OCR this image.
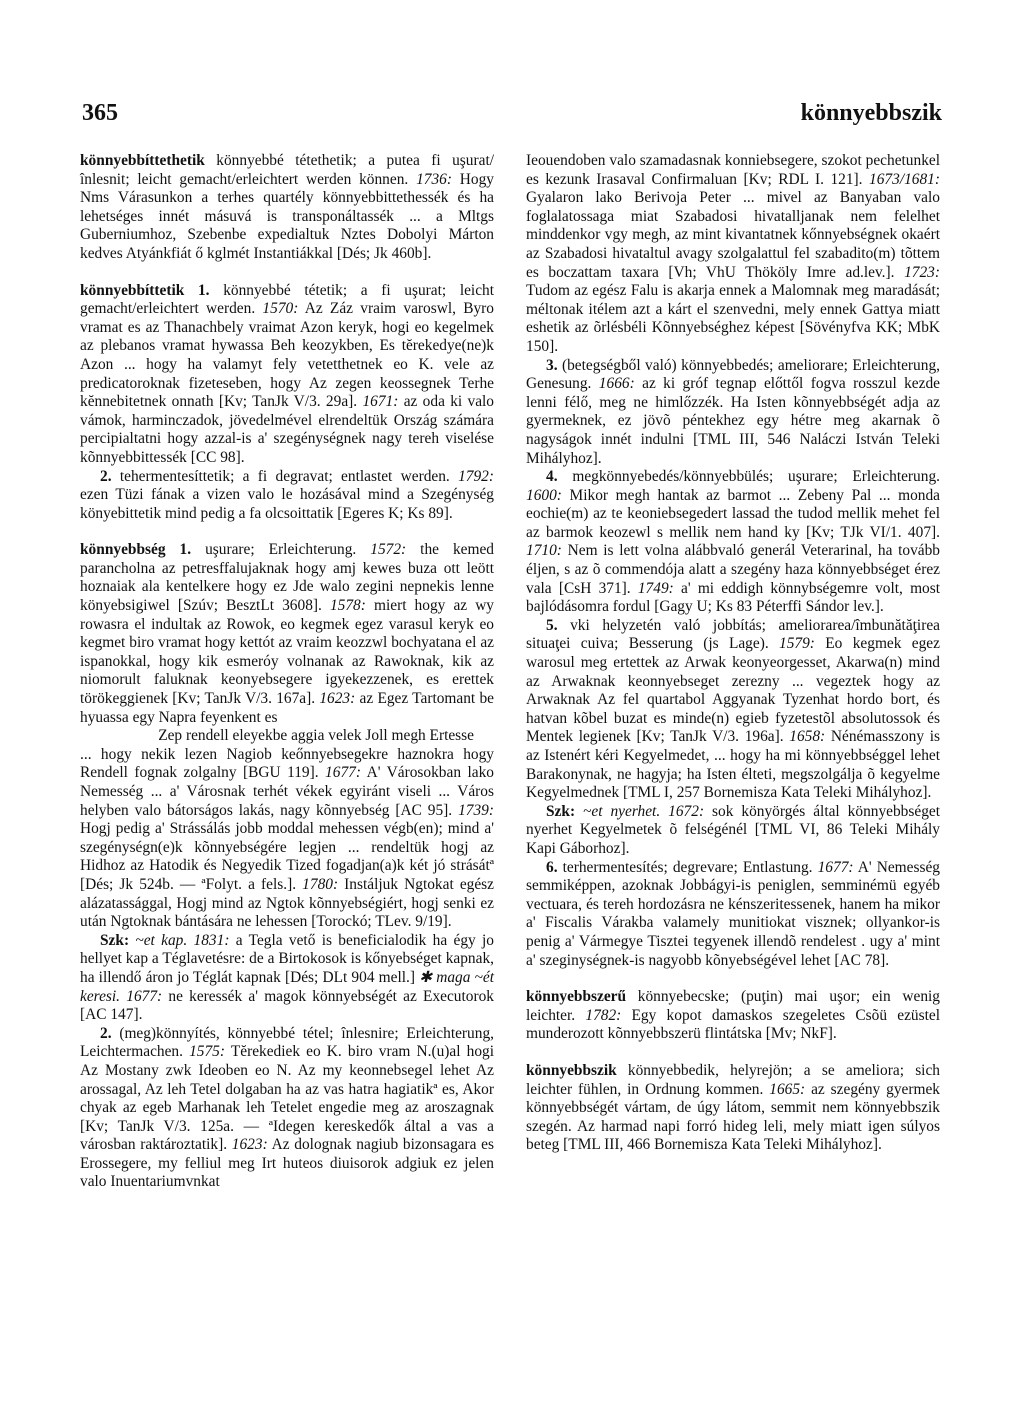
365	könnyebbszik

könnyebbíttethetik könnyebbé tétethetik; a putea fi uşurat/înlesnit; leicht gemacht/erleichtert werden können. 1736: Hogy Nms Várasunkon a terhes quartély könnyebbittethessék és ha lehetséges innét másuvá is transponáltassék ... a Mltgs Guberniumhoz, Szebenbe expedialtuk Nztes Dobolyi Márton kedves Atyánkfiát ő kglmét Instantiákkal [Dés; Jk 460b].

könnyebbíttetik 1. könnyebbé tétetik; a fi uşurat; leicht gemacht/erleichtert werden. 1570: Az Záz vraim varoswl, Byro vramat es az Thanachbely vraimat Azon keryk, hogi eo kegelmek az plebanos vramat hywassa Beh keozykben, Es tĕrekedye(ne)k Azon ... hogy ha valamyt fely vetetthetnek eo K. vele az predicatoroknak fizeteseben, hogy Az zegen keossegnek Terhe kĕnnebitetnek onnath [Kv; TanJk V/3. 29a]. 1671: az oda ki valo vámok, harminczadok, jövedelmével elrendeltük Ország számára percipialtatni hogy azzal-is a' szegénységnek nagy tereh viselése kõnnyebbittessék [CC 98].

2. tehermentesíttetik; a fi degravat; entlastet werden. 1792: ezen Tüzi fának a vizen valo le hozásával mind a Szegénység könyebittetik mind pedig a fa olcsoittatik [Egeres K; Ks 89].

könnyebbség 1. uşurare; Erleichterung. 1572: the kemed parancholna az petresffalujaknak hogy amj kewes buza ott leött hoznaiak ala kentelkere hogy ez Jde walo zegini nepnekis lenne könyebsigiwel [Szúv; BesztLt 3608]. 1578: miert hogy az wy rowasra el indultak az Rowok, eo kegmek egez varasul keryk eo kegmet biro vramat hogy kettót az vraim keozzwl bochyatana el az ispanokkal, hogy kik esmeróy volnanak az Rawoknak, kik az niomorult faluknak keonyebsegere igyekezzenek, es erettek törökeggienek [Kv; TanJk V/3. 167a]. 1623: az Egez Tartomant be hyuassa egy Napra feyenkent es

Zep rendell eleyekbe aggia velek Joll megh Ertesse

... hogy nekik lezen Nagiob keőnnyebsegekre haznokra hogy Rendell fognak zolgalny [BGU 119]. 1677: A' Városokban lako Nemesség ... a' Városnak terhét vékek egyiránt viseli ... Város helyben valo bátorságos lakás, nagy kõnnyebség [AC 95]. 1739: Hogj pedig a' Strássálás jobb moddal mehessen végb(en); mind a' szegénységn(e)k kõnnyebségére legjen ... rendeltük hogj az Hidhoz az Hatodik és Negyedik Tized fogadjan(a)k két jó strásátª [Dés; Jk 524b. — ªFolyt. a fels.]. 1780: Instáljuk Ngtokat egész alázatassággal, Hogj mind az Ngtok kõnnyebségiért, hogj senki ez után Ngtoknak bántására ne lehessen [Torockó; TLev. 9/19].

Szk: ~et kap. 1831: a Tegla vető is beneficialodik ha égy jo hellyet kap a Téglavetésre: de a Birtokosok is kőnyebséget kapnak, ha illendő áron jo Téglát kapnak [Dés; DLt 904 mell.] ✱ maga ~ét keresi. 1677: ne keressék a' magok könnyebségét az Executorok [AC 147].

2. (meg)könnyítés, könnyebbé tétel; înlesnire; Erleichterung, Leichtermachen. 1575: Tĕrekediek eo K. biro vram N.(u)al hogi Az Mostany zwk Ideoben eo N. Az my keonnebsegel lehet Az arossagal, Az leh Tetel dolgaban ha az vas hatra hagiatikª es, Akor chyak az egeb Marhanak leh Tetelet engedie meg az aroszagnak [Kv; TanJk V/3. 125a. — ªIdegen kereskedők által a vas a városban raktároztatik]. 1623: Az dolognak nagiub bizonsagara es Erossegere, my felliul meg Irt huteos diuisorok adgiuk ez jelen valo Inuentariumvnkat

Ieouendoben valo szamadasnak konniebsegere, szokot pechetunkel es kezunk Irasaval Confirmaluan [Kv; RDL I. 121]. 1673/1681: Gyalaron lako Berivoja Peter ... mivel az Banyaban valo foglalatossaga miat Szabadosi hivatalljanak nem felelhet minddenkor vgy megh, az mint kivantatnek kőnnyebségnek okaért az Szabadosi hivataltul avagy szolgalattul fel szabadito(m) tõttem es boczattam taxara [Vh; VhU Thököly Imre ad.lev.]. 1723: Tudom az egész Falu is akarja ennek a Malomnak meg maradását; méltonak itélem azt a kárt el szenvedni, mely ennek Gattya miatt eshetik az õrlésbéli Kõnnyebséghez képest [Sövényfva KK; MbK 150].

3. (betegségből való) könnyebbedés; ameliorare; Erleichterung, Genesung. 1666: az ki gróf tegnap előttől fogva rosszul kezde lenni félő, meg ne himlőzzék. Ha Isten kõnnyebbségét adja az gyermeknek, ez jövõ péntekhez egy hétre meg akarnak õ nagyságok innét indulni [TML III, 546 Naláczi István Teleki Mihályhoz].

4. megkönnyebedés/könnyebbülés; uşurare; Erleichterung. 1600: Mikor megh hantak az barmot ... Zebeny Pal ... monda eochie(m) az te keoniebsegedert lassad the tudod mellik mehet fel az barmok keozewl s mellik nem hand ky [Kv; TJk VI/1. 407]. 1710: Nem is lett volna alábbvaló generál Veterarinal, ha tovább éljen, s az õ commendója alatt a szegény haza könnyebbséget érez vala [CsH 371]. 1749: a' mi eddigh könnybségemre volt, most bajlódásomra fordul [Gagy U; Ks 83 Péterffi Sándor lev.].

5. vki helyzetén való jobbítás; ameliorarea/îmbunătăţirea situaţei cuiva; Besserung (js Lage). 1579: Eo kegmek egez warosul meg ertettek az Arwak keonyeorgesset, Akarwa(n) mind az Arwaknak keonnyebseget zerezny ... vegeztek hogy az Arwaknak Az fel quartabol Aggyanak Tyzenhat hordo bort, és hatvan kõbel buzat es minde(n) egieb fyzetestõl absolutossok és Mentek legienek [Kv; TanJk V/3. 196a]. 1658: Nénémasszony is az Istenért kéri Kegyelmedet, ... hogy ha mi könnyebbséggel lehet Barakonynak, ne hagyja; ha Isten élteti, megszolgálja õ kegyelme Kegyelmednek [TML I, 257 Bornemisza Kata Teleki Mihályhoz].

Szk: ~et nyerhet. 1672: sok könyörgés által könnyebbséget nyerhet Kegyelmetek õ felségénél [TML VI, 86 Teleki Mihály Kapi Gáborhoz].

6. terhermentesítés; degrevare; Entlastung. 1677: A' Nemesség semmiképpen, azoknak Jobbágyi-is peniglen, semminémü egyéb vectuara, és tereh hordozásra ne kénszeritessenek, hanem ha mikor a' Fiscalis Várakba valamely munitiokat visznek; ollyankor-is penig a' Vármegye Tisztei tegyenek illendõ rendelest . ugy a' mint a' szeginységnek-is nagyobb kõnyebségével lehet [AC 78].

könnyebbszerű könnyebecske; (puţin) mai uşor; ein wenig leichter. 1782: Egy kopot damaskos szegeletes Csõü ezüstel munderozott kõnnyebbszerü flintátska [Mv; NkF].

könnyebbszik könnyebbedik, helyrejön; a se ameliora; sich leichter fühlen, in Ordnung kommen. 1665: az szegény gyermek könnyebbségét vártam, de úgy látom, semmit nem könnyebbszik szegén. Az harmad napi forró hideg leli, mely miatt igen súlyos beteg [TML III, 466 Bornemisza Kata Teleki Mihályhoz].
